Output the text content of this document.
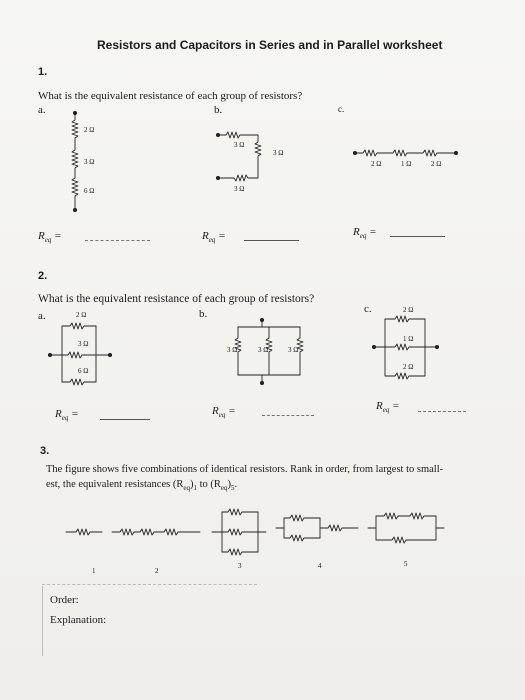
Resistors and Capacitors in Series and in Parallel worksheet
1.
What is the equivalent resistance of each group of resistors?
a.	b.	c.
2 Ω
3 Ω
6 Ω
3 Ω
3 Ω
3 Ω
2 Ω	1 Ω	2 Ω
$R_{eq}$ =	$R_{eq}$ =	$R_{eq}$ =
2.
What is the equivalent resistance of each group of resistors?
a.	b.	c.
2 Ω
3 Ω
6 Ω
3 Ω	3 Ω	3 Ω
2 Ω
1 Ω
2 Ω
$R_{eq}$ =	$R_{eq}$ =	$R_{eq}$ =
3.
The figure shows five combinations of identical resistors. Rank in order, from largest to small-
est, the equivalent resistances $(R_{eq})_1$ to $(R_{eq})_5$.
1	2
3	4	5
Order:
Explanation:
